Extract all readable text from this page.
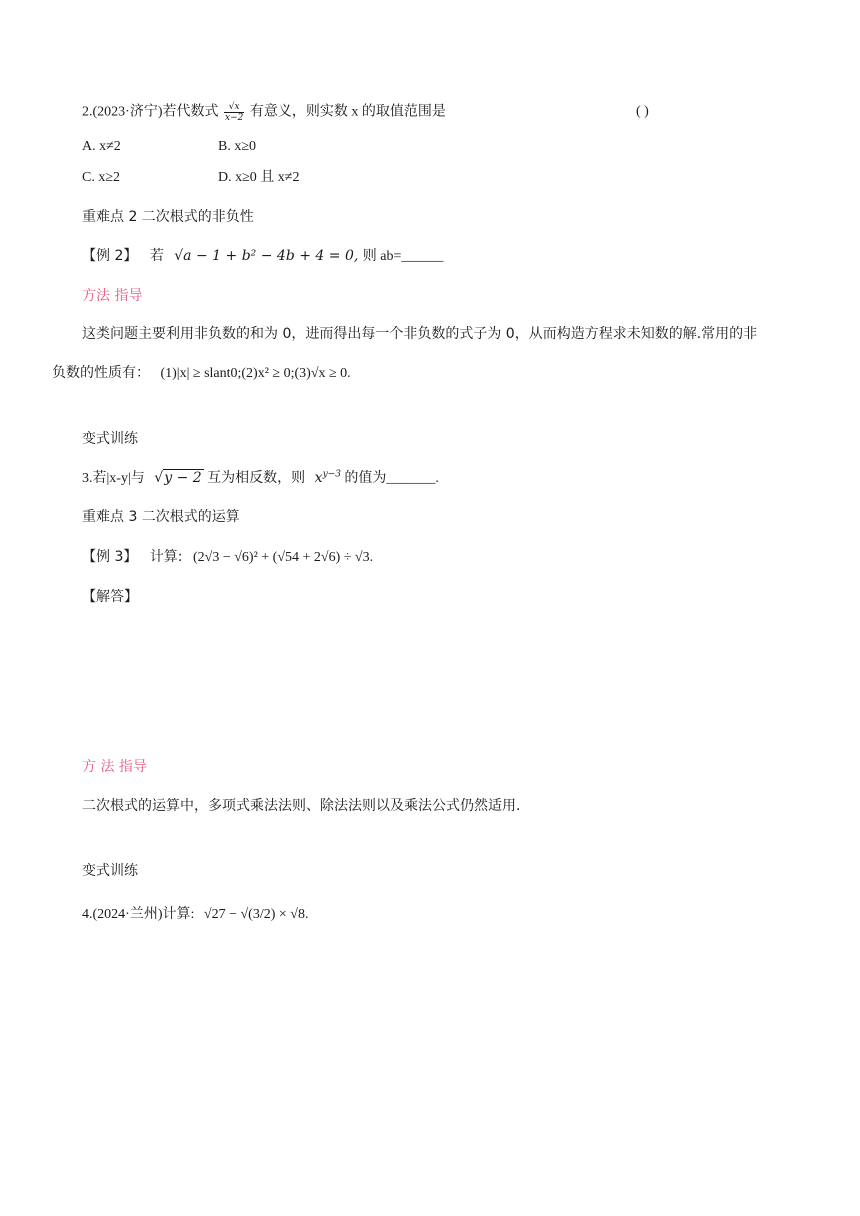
2.(2023·济宁)若代数式 $\frac{√x}{x-2}$ 有意义，则实数 x 的取值范围是	( )
A. x≠2	B. x≥0
C. x≥2	D. x≥0 且 x≠2
重难点 2 二次根式的非负性
【例 2】 若 √a − 1 + b² − 4b + 4 = 0, 则 ab=______
方法 指导
这类问题主要利用非负数的和为 0，进而得出每一个非负数的式子为 0，从而构造方程求未知数的解.常用的非
负数的性质有： (1)|x| ≥ slant0;(2)x² ≥ 0;(3)√x ≥ 0.
变式训练
3.若|x-y|与 √y − 2 互为相反数，则 $x^{y-3}$ 的值为_______.
重难点 3 二次根式的运算
【例 3】 计算: (2√3 − √6)² + (√54 + 2√6) ÷ √3.
【解答】
方 法 指导
二次根式的运算中，多项式乘法法则、除法法则以及乘法公式仍然适用.
变式训练
4.(2024·兰州)计算: √27 − √(3/2) × √8.
